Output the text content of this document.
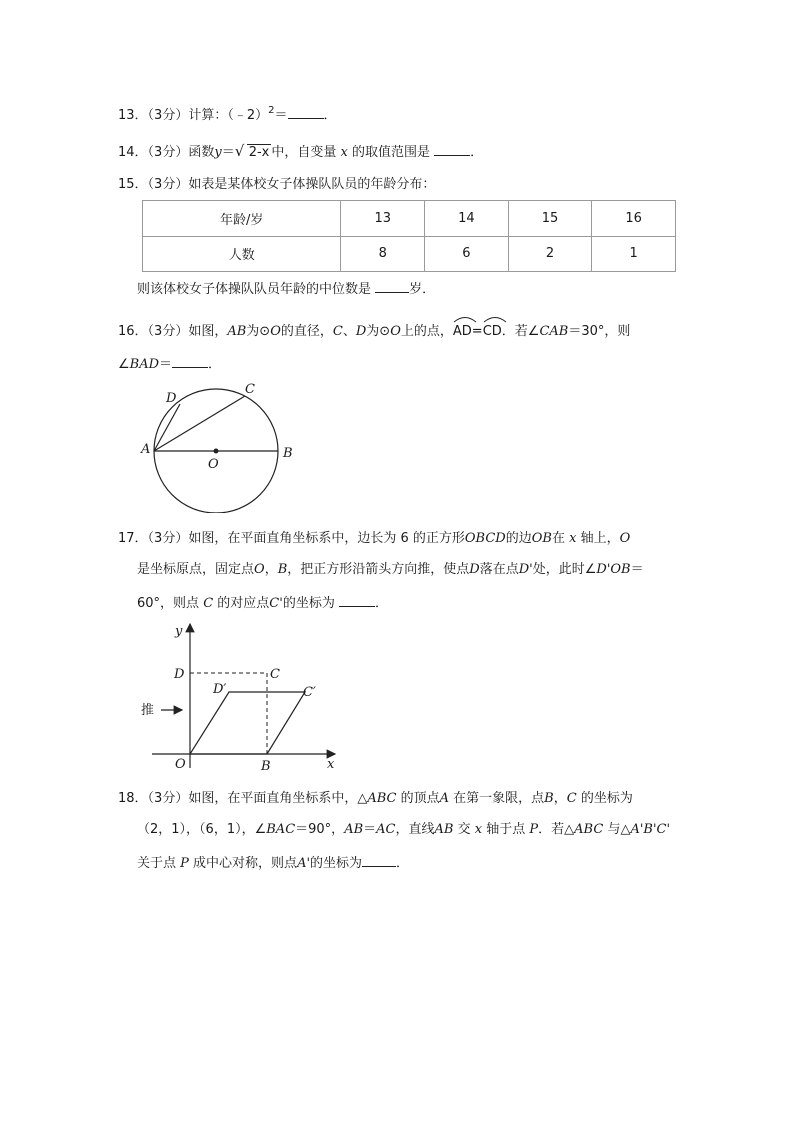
13．（3分）计算：（﹣2）$^2$＝	．
14．（3分）函数y＝ √ 2-x 中，自变量 x 的取值范围是	．
15．（3分）如表是某体校女子体操队队员的年龄分布：
年龄/岁	13	14	15	16
人数	8	6	2	1
则该体校女子体操队队员年龄的中位数是	岁．
16．（3分）如图，AB为⊙O的直径，C、D为⊙O上的点，
AD=
CD．若∠CAB＝30°，则
∠BAD＝	．
A	B
C
D
O
17．（3分）如图，在平面直角坐标系中，边长为 6 的正方形OBCD的边OB在 x 轴上，O
是坐标原点，固定点O，B，把正方形沿箭头方向推，使点D落在点D'处，此时∠D'OB＝
60°，则点 C 的对应点C'的坐标为	．
y
x
O	B
D	C
D′	C′
推
18．（3分）如图，在平面直角坐标系中，△ABC 的顶点A 在第一象限，点B，C 的坐标为
（2，1），（6，1），∠BAC＝90°，AB＝AC，直线AB 交 x 轴于点 P．若△ABC 与△A'B'C'
关于点 P 成中心对称，则点A'的坐标为	．
